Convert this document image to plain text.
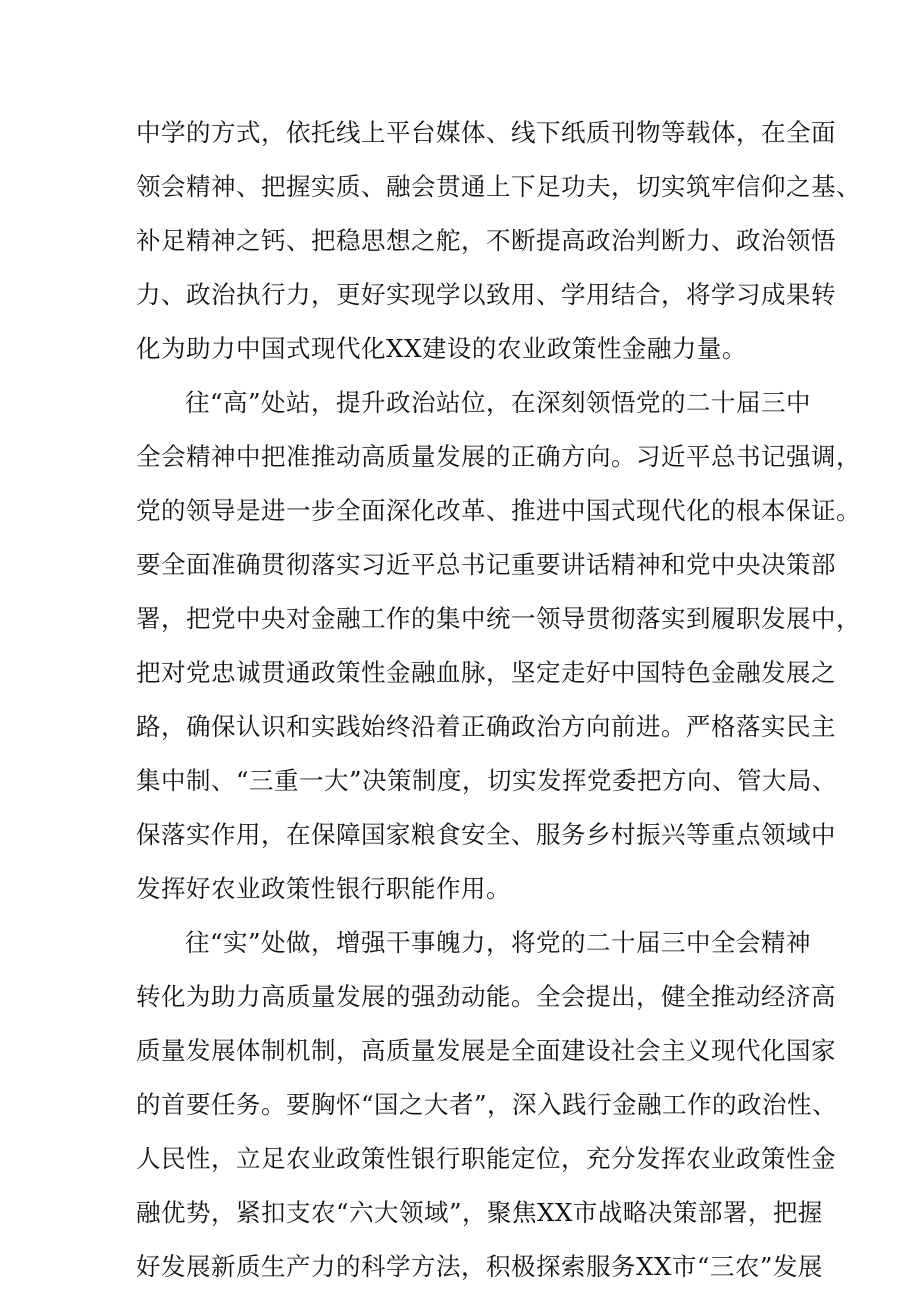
中学的方式，依托线上平台媒体、线下纸质刊物等载体，在全面
领会精神、把握实质、融会贯通上下足功夫，切实筑牢信仰之基、
补足精神之钙、把稳思想之舵，不断提高政治判断力、政治领悟
力、政治执行力，更好实现学以致用、学用结合，将学习成果转
化为助力中国式现代化XX建设的农业政策性金融力量。
往“高”处站，提升政治站位，在深刻领悟党的二十届三中
全会精神中把准推动高质量发展的正确方向。习近平总书记强调，
党的领导是进一步全面深化改革、推进中国式现代化的根本保证。
要全面准确贯彻落实习近平总书记重要讲话精神和党中央决策部
署，把党中央对金融工作的集中统一领导贯彻落实到履职发展中，
把对党忠诚贯通政策性金融血脉，坚定走好中国特色金融发展之
路，确保认识和实践始终沿着正确政治方向前进。严格落实民主
集中制、“三重一大”决策制度，切实发挥党委把方向、管大局、
保落实作用，在保障国家粮食安全、服务乡村振兴等重点领域中
发挥好农业政策性银行职能作用。
往“实”处做，增强干事魄力，将党的二十届三中全会精神
转化为助力高质量发展的强劲动能。全会提出，健全推动经济高
质量发展体制机制，高质量发展是全面建设社会主义现代化国家
的首要任务。要胸怀“国之大者”，深入践行金融工作的政治性、
人民性，立足农业政策性银行职能定位，充分发挥农业政策性金
融优势，紧扣支农“六大领域”，聚焦XX市战略决策部署，把握
好发展新质生产力的科学方法，积极探索服务XX市“三农”发展
